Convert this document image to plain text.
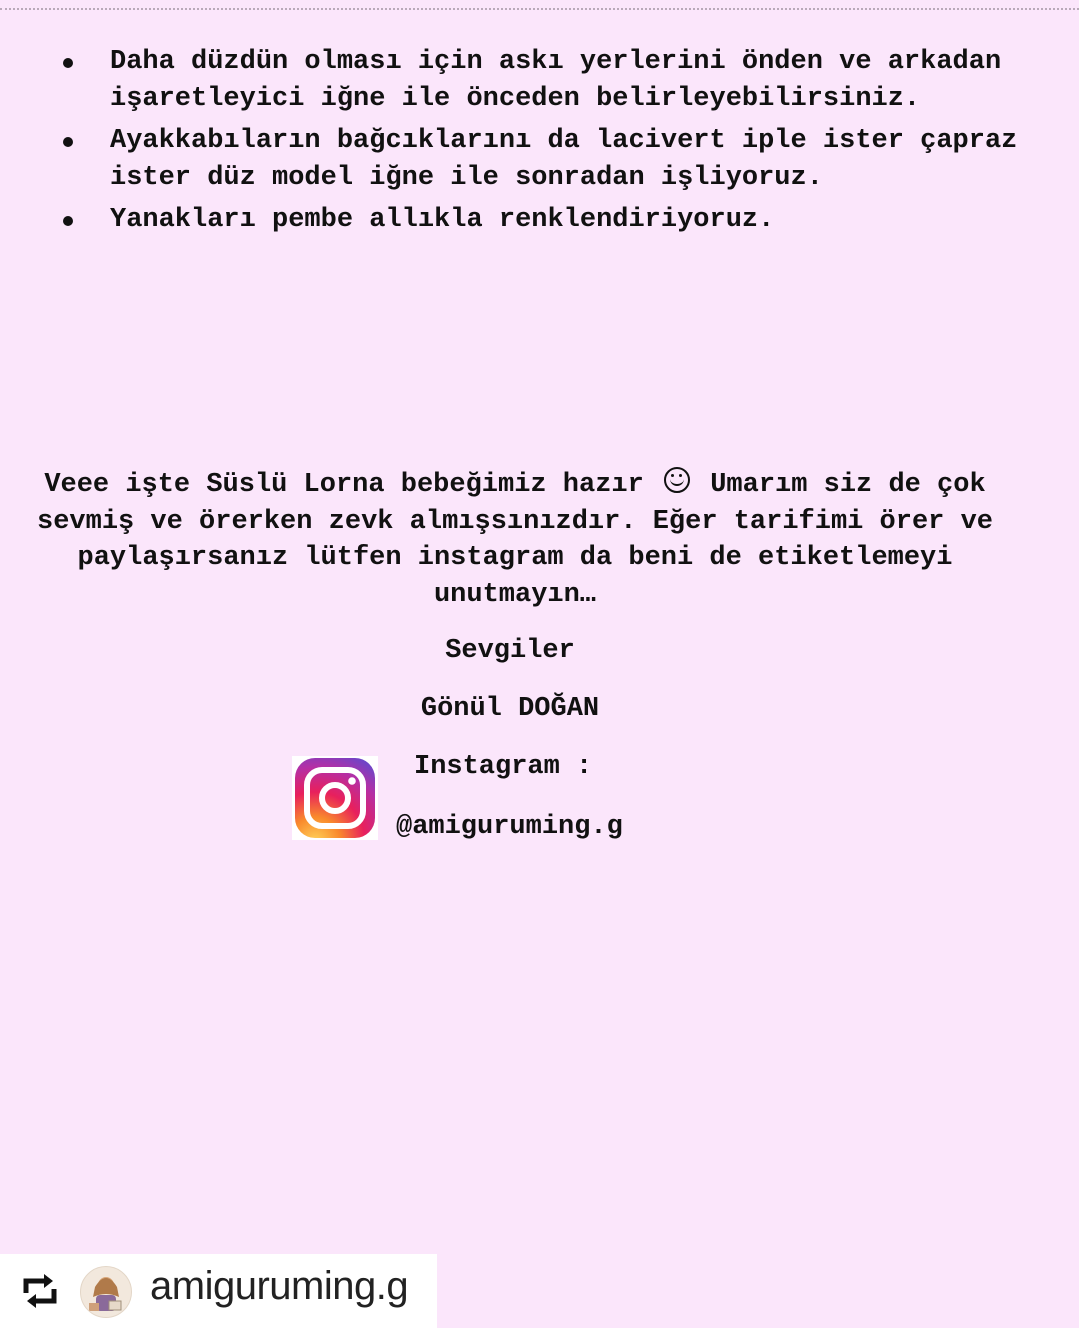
Daha düzdün olması için askı yerlerini önden ve arkadan işaretleyici iğne ile önceden belirleyebilirsiniz.
Ayakkabıların bağcıklarını da lacivert iple ister çapraz ister düz model iğne ile sonradan işliyoruz.
Yanakları pembe allıkla renklendiriyoruz.
Veee işte Süslü Lorna bebeğimiz hazır Umarım siz de çok sevmiş ve örerken zevk almışsınızdır. Eğer tarifimi örer ve paylaşırsanız lütfen instagram da beni de etiketlemeyi unutmayın…
Sevgiler
Gönül DOĞAN
Instagram :
@amiguruming.g
amiguruming.g
